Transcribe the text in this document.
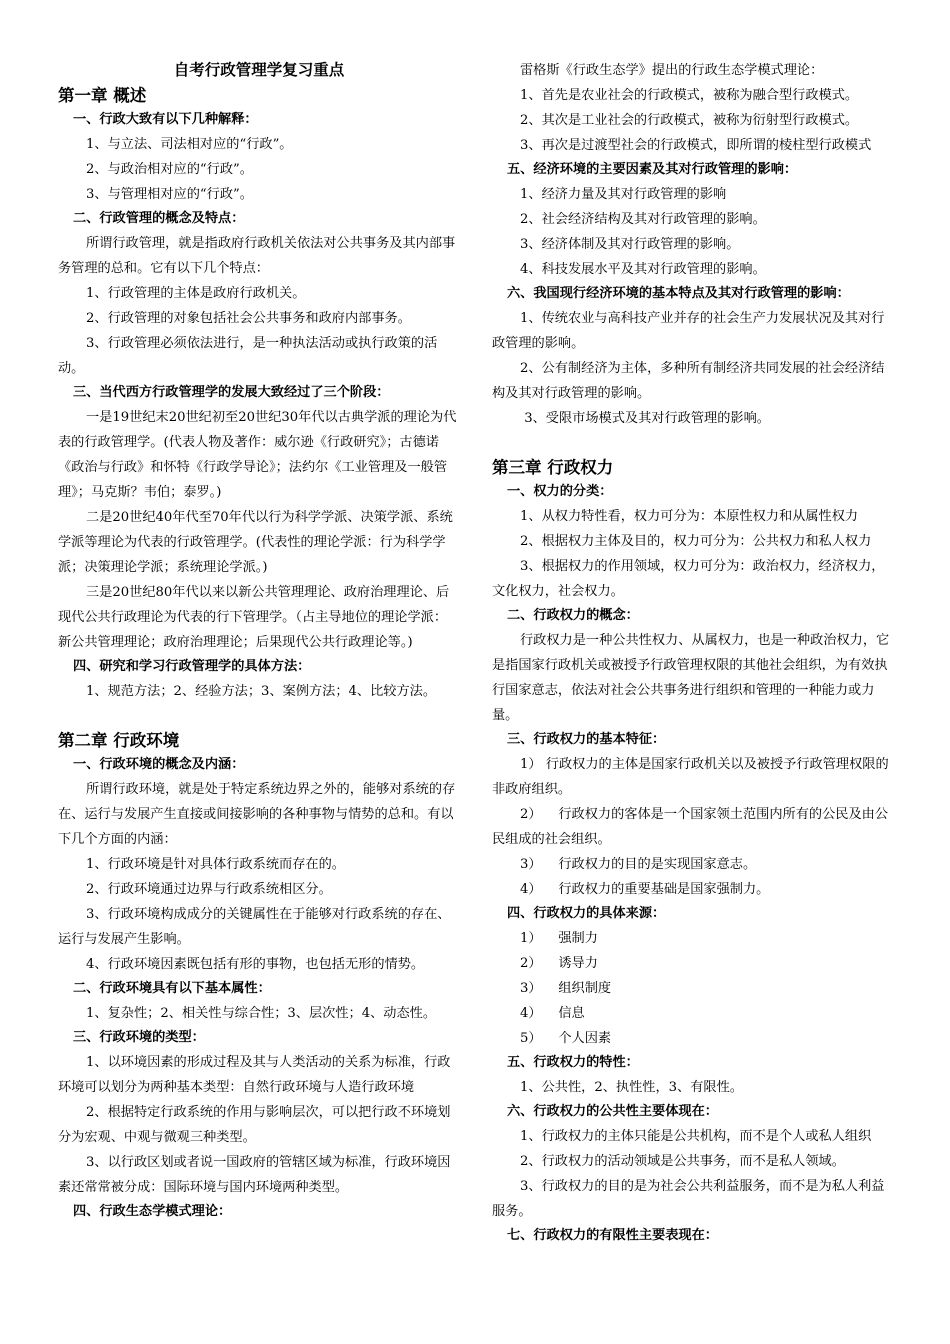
自考行政管理学复习重点
第一章 概述
一、行政大致有以下几种解释：
1、与立法、司法相对应的“行政”。
2、与政治相对应的“行政”。
3、与管理相对应的“行政”。
二、行政管理的概念及特点：
所谓行政管理，就是指政府行政机关依法对公共事务及其内部事务管理的总和。它有以下几个特点：
1、行政管理的主体是政府行政机关。
2、行政管理的对象包括社会公共事务和政府内部事务。
3、行政管理必须依法进行，是一种执法活动或执行政策的活动。
三、当代西方行政管理学的发展大致经过了三个阶段：
一是19世纪末20世纪初至20世纪30年代以古典学派的理论为代表的行政管理学。(代表人物及著作：威尔逊《行政研究》；古德诺《政治与行政》和怀特《行政学导论》；法约尔《工业管理及一般管理》；马克斯？韦伯；泰罗。)
二是20世纪40年代至70年代以行为科学学派、决策学派、系统学派等理论为代表的行政管理学。(代表性的理论学派：行为科学学派；决策理论学派；系统理论学派。)
三是20世纪80年代以来以新公共管理理论、政府治理理论、后现代公共行政理论为代表的行下管理学。（占主导地位的理论学派：新公共管理理论；政府治理理论；后果现代公共行政理论等。)
四、研究和学习行政管理学的具体方法：
1、规范方法；2、经验方法；3、案例方法；4、比较方法。
第二章 行政环境
一、行政环境的概念及内涵：
所谓行政环境，就是处于特定系统边界之外的，能够对系统的存在、运行与发展产生直接或间接影响的各种事物与情势的总和。有以下几个方面的内涵：
1、行政环境是针对具体行政系统而存在的。
2、行政环境通过边界与行政系统相区分。
3、行政环境构成成分的关键属性在于能够对行政系统的存在、运行与发展产生影响。
4、行政环境因素既包括有形的事物，也包括无形的情势。
二、行政环境具有以下基本属性：
1、复杂性；2、相关性与综合性；3、层次性；4、动态性。
三、行政环境的类型：
1、以环境因素的形成过程及其与人类活动的关系为标准，行政环境可以划分为两种基本类型：自然行政环境与人造行政环境
2、根据特定行政系统的作用与影响层次，可以把行政不环境划分为宏观、中观与微观三种类型。
3、以行政区划或者说一国政府的管辖区域为标准，行政环境因素还常常被分成：国际环境与国内环境两种类型。
四、行政生态学模式理论：
雷格斯《行政生态学》提出的行政生态学模式理论：
1、首先是农业社会的行政模式，被称为融合型行政模式。
2、其次是工业社会的行政模式，被称为衍射型行政模式。
3、再次是过渡型社会的行政模式，即所谓的棱柱型行政模式
五、经济环境的主要因素及其对行政管理的影响：
1、经济力量及其对行政管理的影响
2、社会经济结构及其对行政管理的影响。
3、经济体制及其对行政管理的影响。
4、科技发展水平及其对行政管理的影响。
六、我国现行经济环境的基本特点及其对行政管理的影响：
1、传统农业与高科技产业并存的社会生产力发展状况及其对行政管理的影响。
2、公有制经济为主体，多种所有制经济共同发展的社会经济结构及其对行政管理的影响。
3、受限市场模式及其对行政管理的影响。
第三章 行政权力
一、权力的分类：
1、从权力特性看，权力可分为：本原性权力和从属性权力
2、根据权力主体及目的，权力可分为：公共权力和私人权力
3、根据权力的作用领域，权力可分为：政治权力，经济权力，文化权力，社会权力。
二、行政权力的概念：
行政权力是一种公共性权力、从属权力，也是一种政治权力，它是指国家行政机关或被授予行政管理权限的其他社会组织，为有效执行国家意志，依法对社会公共事务进行组织和管理的一种能力或力量。
三、行政权力的基本特征：
1） 行政权力的主体是国家行政机关以及被授予行政管理权限的非政府组织。
2）    行政权力的客体是一个国家领土范围内所有的公民及由公民组成的社会组织。
3）    行政权力的目的是实现国家意志。
4）    行政权力的重要基础是国家强制力。
四、行政权力的具体来源：
1）    强制力
2）    诱导力
3）    组织制度
4）    信息
5）    个人因素
五、行政权力的特性：
1、公共性，2、执性性，3、有限性。
六、行政权力的公共性主要体现在：
1、行政权力的主体只能是公共机构，而不是个人或私人组织
2、行政权力的活动领域是公共事务，而不是私人领域。
3、行政权力的目的是为社会公共利益服务，而不是为私人利益服务。
七、行政权力的有限性主要表现在：
